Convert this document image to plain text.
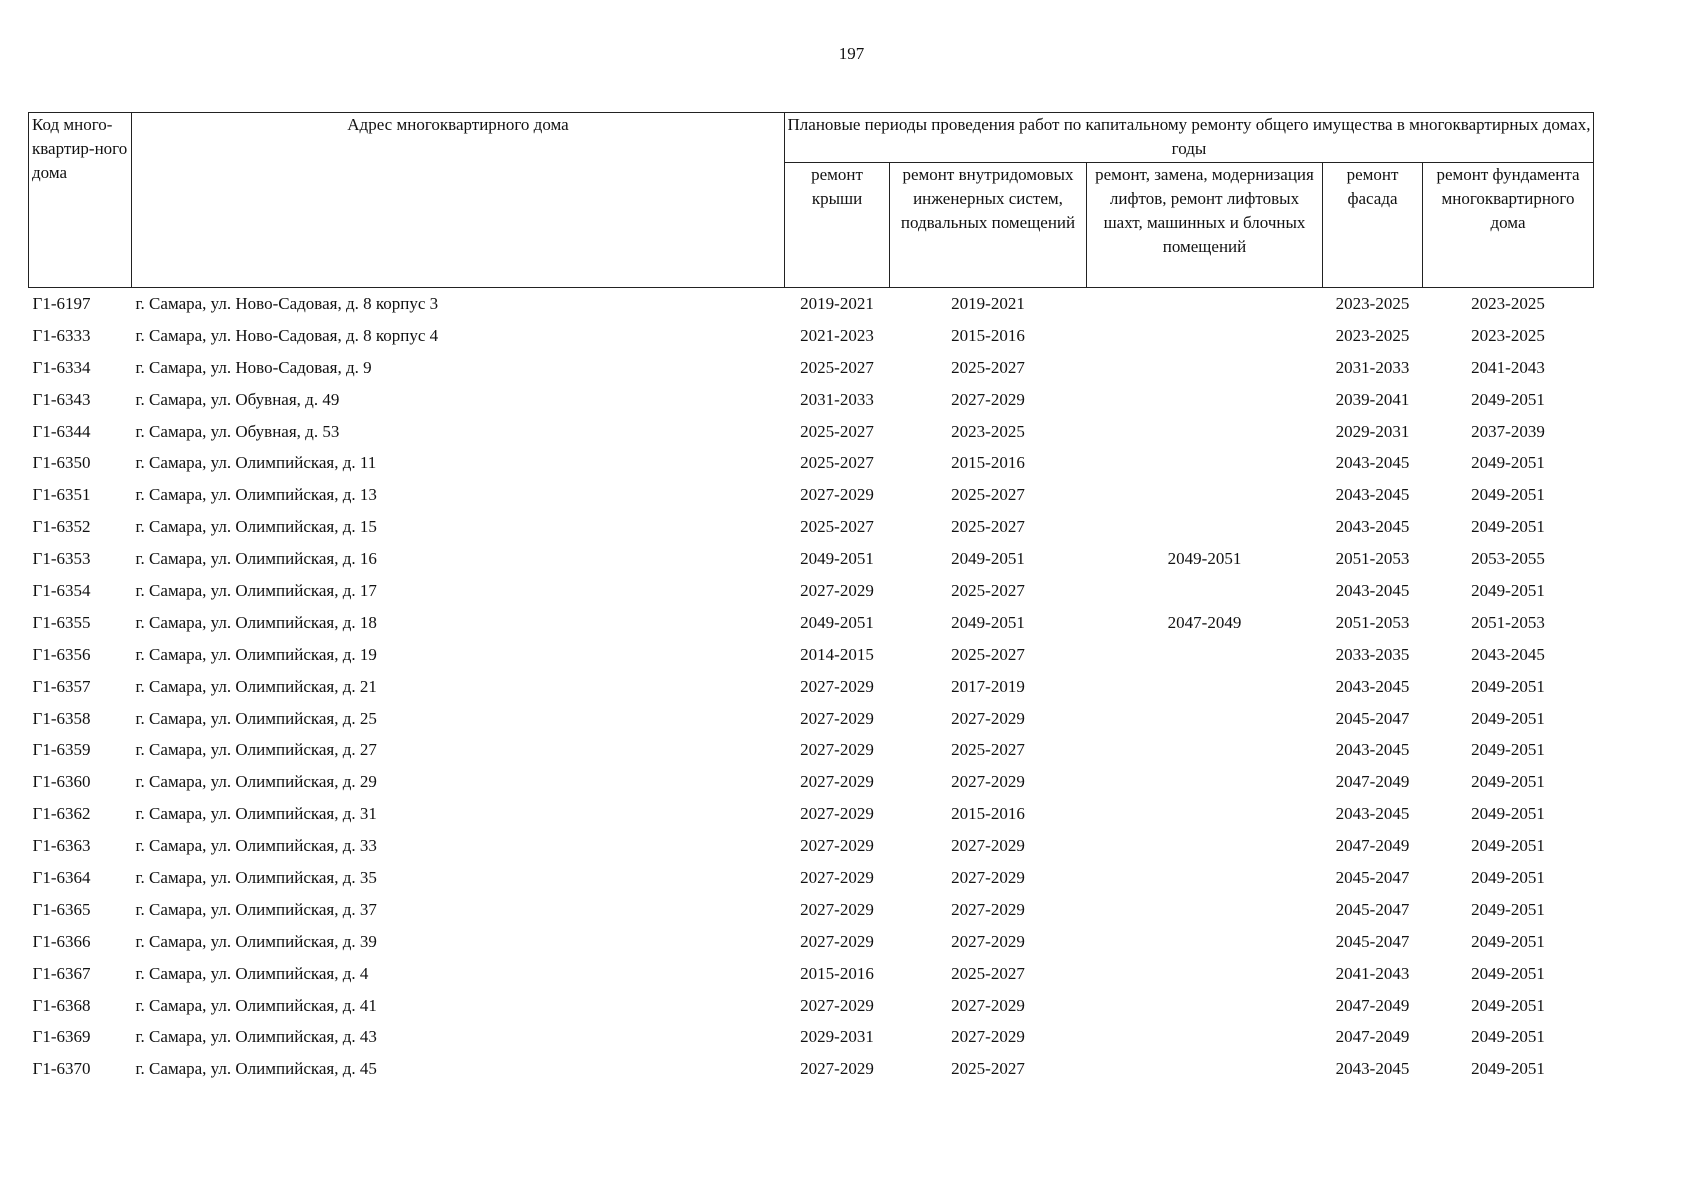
197
Код много-квартир-ного дома	Адрес многоквартирного дома	Плановые периоды проведения работ по капитальному ремонту общего имущества в многоквартирных домах, годы				
		ремонт крыши	ремонт внутридомовых инженерных систем, подвальных помещений	ремонт, замена, модернизация лифтов, ремонт лифтовых шахт, машинных и блочных помещений	ремонт фасада	ремонт фундамента многоквартирного дома
Г1-6197	г. Самара, ул. Ново-Садовая, д. 8 корпус 3	2019-2021	2019-2021		2023-2025	2023-2025
Г1-6333	г. Самара, ул. Ново-Садовая, д. 8 корпус 4	2021-2023	2015-2016		2023-2025	2023-2025
Г1-6334	г. Самара, ул. Ново-Садовая, д. 9	2025-2027	2025-2027		2031-2033	2041-2043
Г1-6343	г. Самара, ул. Обувная, д. 49	2031-2033	2027-2029		2039-2041	2049-2051
Г1-6344	г. Самара, ул. Обувная, д. 53	2025-2027	2023-2025		2029-2031	2037-2039
Г1-6350	г. Самара, ул. Олимпийская, д. 11	2025-2027	2015-2016		2043-2045	2049-2051
Г1-6351	г. Самара, ул. Олимпийская, д. 13	2027-2029	2025-2027		2043-2045	2049-2051
Г1-6352	г. Самара, ул. Олимпийская, д. 15	2025-2027	2025-2027		2043-2045	2049-2051
Г1-6353	г. Самара, ул. Олимпийская, д. 16	2049-2051	2049-2051	2049-2051	2051-2053	2053-2055
Г1-6354	г. Самара, ул. Олимпийская, д. 17	2027-2029	2025-2027		2043-2045	2049-2051
Г1-6355	г. Самара, ул. Олимпийская, д. 18	2049-2051	2049-2051	2047-2049	2051-2053	2051-2053
Г1-6356	г. Самара, ул. Олимпийская, д. 19	2014-2015	2025-2027		2033-2035	2043-2045
Г1-6357	г. Самара, ул. Олимпийская, д. 21	2027-2029	2017-2019		2043-2045	2049-2051
Г1-6358	г. Самара, ул. Олимпийская, д. 25	2027-2029	2027-2029		2045-2047	2049-2051
Г1-6359	г. Самара, ул. Олимпийская, д. 27	2027-2029	2025-2027		2043-2045	2049-2051
Г1-6360	г. Самара, ул. Олимпийская, д. 29	2027-2029	2027-2029		2047-2049	2049-2051
Г1-6362	г. Самара, ул. Олимпийская, д. 31	2027-2029	2015-2016		2043-2045	2049-2051
Г1-6363	г. Самара, ул. Олимпийская, д. 33	2027-2029	2027-2029		2047-2049	2049-2051
Г1-6364	г. Самара, ул. Олимпийская, д. 35	2027-2029	2027-2029		2045-2047	2049-2051
Г1-6365	г. Самара, ул. Олимпийская, д. 37	2027-2029	2027-2029		2045-2047	2049-2051
Г1-6366	г. Самара, ул. Олимпийская, д. 39	2027-2029	2027-2029		2045-2047	2049-2051
Г1-6367	г. Самара, ул. Олимпийская, д. 4	2015-2016	2025-2027		2041-2043	2049-2051
Г1-6368	г. Самара, ул. Олимпийская, д. 41	2027-2029	2027-2029		2047-2049	2049-2051
Г1-6369	г. Самара, ул. Олимпийская, д. 43	2029-2031	2027-2029		2047-2049	2049-2051
Г1-6370	г. Самара, ул. Олимпийская, д. 45	2027-2029	2025-2027		2043-2045	2049-2051
